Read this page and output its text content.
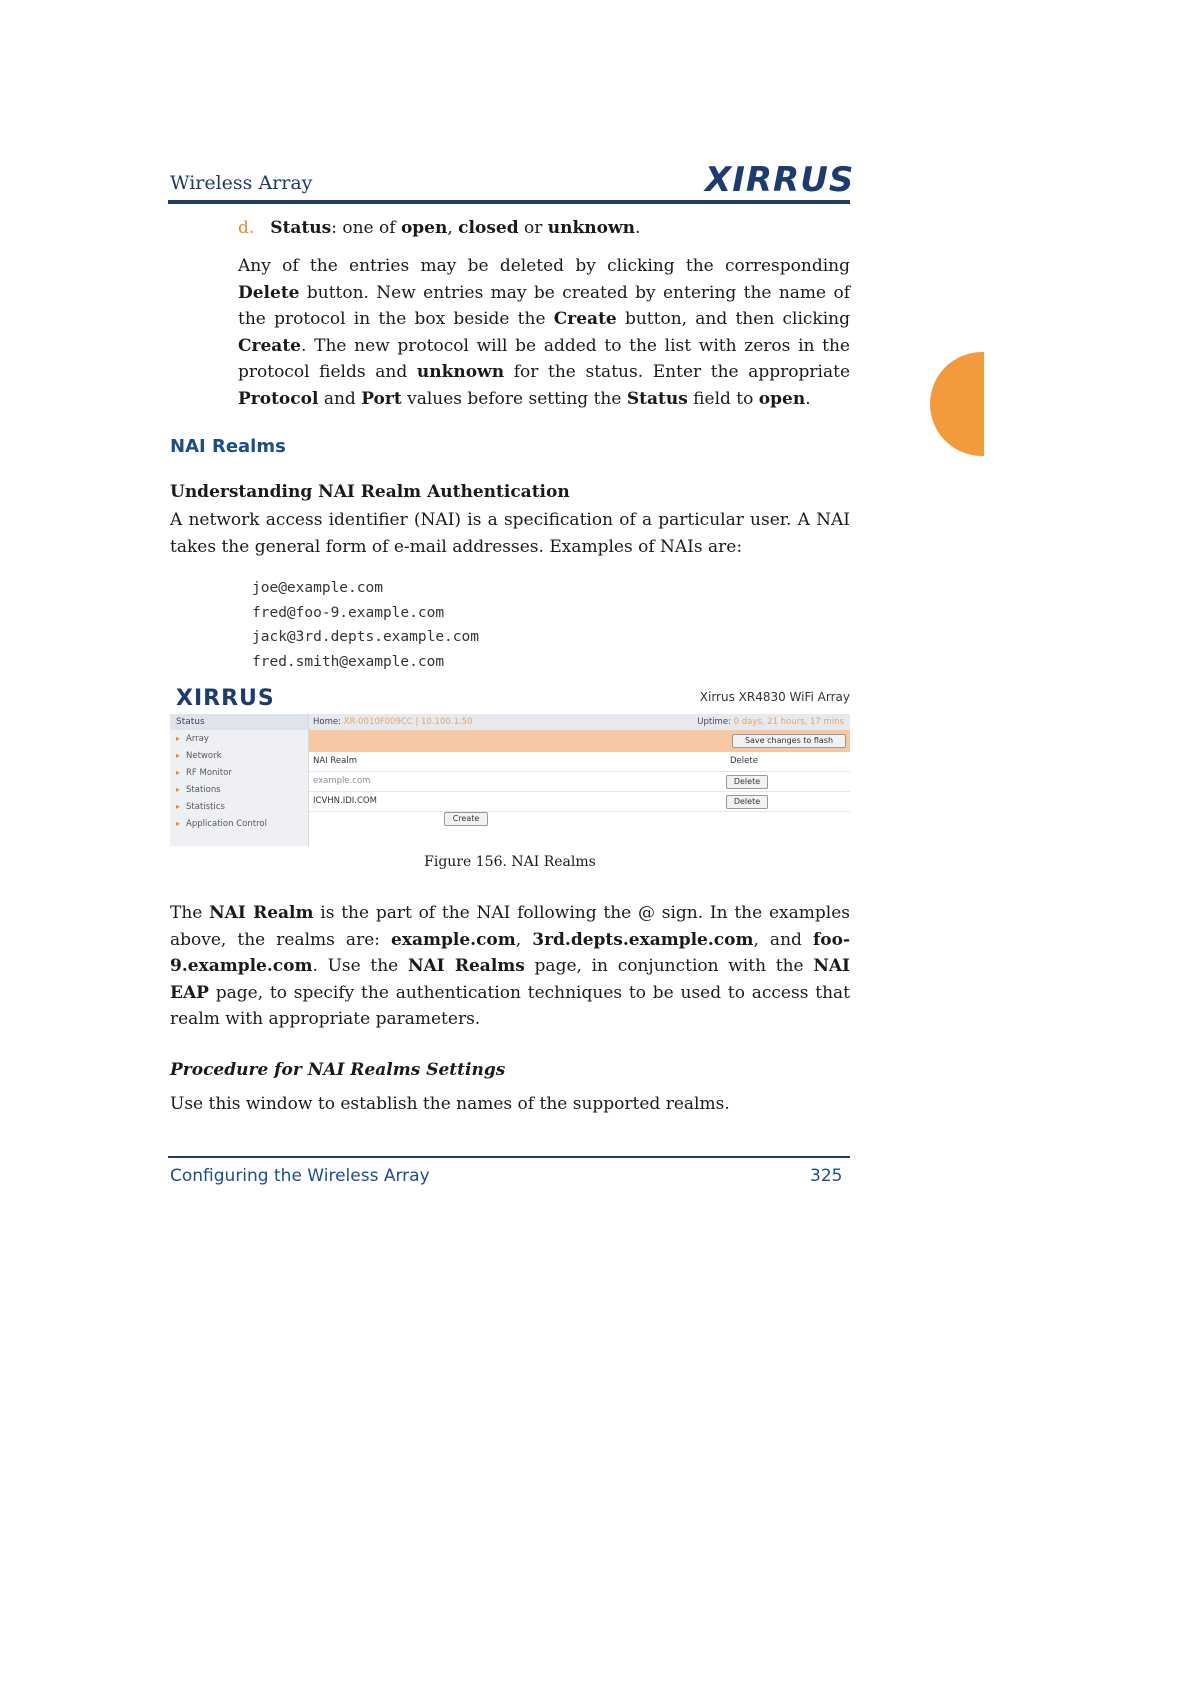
Wireless Array	XIRRUS
d. Status: one of open, closed or unknown.
Any of the entries may be deleted by clicking the corresponding Delete button. New entries may be created by entering the name of the protocol in the box beside the Create button, and then clicking Create. The new protocol will be added to the list with zeros in the protocol fields and unknown for the status. Enter the appropriate Protocol and Port values before setting the Status field to open.
NAI Realms
Understanding NAI Realm Authentication
A network access identifier (NAI) is a specification of a particular user. A NAI takes the general form of e-mail addresses. Examples of NAIs are:
joe@example.com
fred@foo-9.example.com
jack@3rd.depts.example.com
fred.smith@example.com
XIRRUS	Xirrus XR4830 WiFi Array
Status
▸ Array
▸ Network
▸ RF Monitor
▸ Stations
▸ Statistics
▸ Application Control
Home: XR-0010F009CC | 10.100.1.50	Uptime: 0 days, 21 hours, 17 mins
Save changes to flash
NAI Realm	Delete
example.com	Delete
ICVHN.IDI.COM	Delete
Create
Figure 156. NAI Realms
The NAI Realm is the part of the NAI following the @ sign. In the examples above, the realms are: example.com, 3rd.depts.example.com, and foo-9.example.com. Use the NAI Realms page, in conjunction with the NAI EAP page, to specify the authentication techniques to be used to access that realm with appropriate parameters.
Procedure for NAI Realms Settings
Use this window to establish the names of the supported realms.
Configuring the Wireless Array	325
